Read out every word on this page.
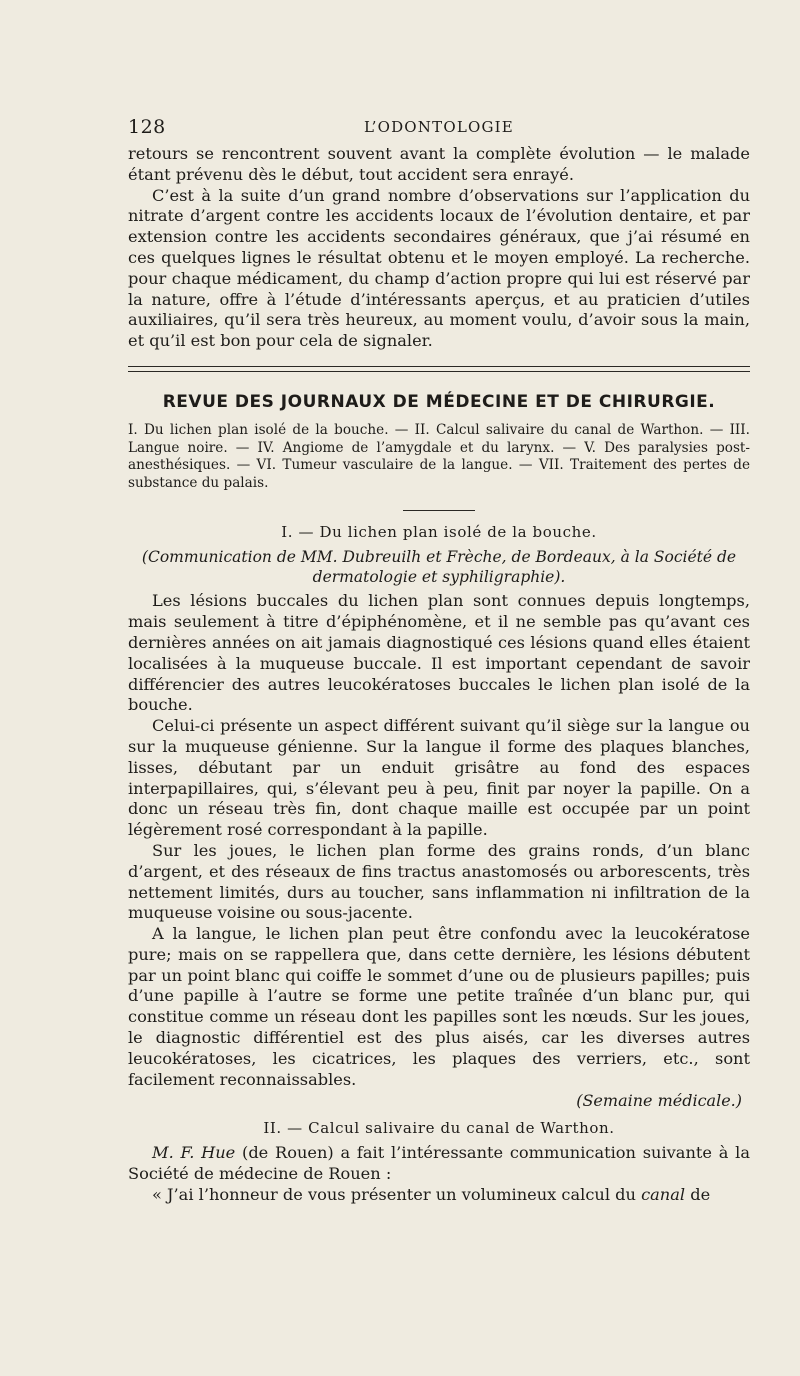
128	L’ODONTOLOGIE

retours se rencontrent souvent avant la complète évolution — le malade étant prévenu dès le début, tout accident sera enrayé.

C’est à la suite d’un grand nombre d’observations sur l’application du nitrate d’argent contre les accidents locaux de l’évolution dentaire, et par extension contre les accidents secondaires généraux, que j’ai résumé en ces quelques lignes le résultat obtenu et le moyen employé. La recherche. pour chaque médicament, du champ d’action propre qui lui est réservé par la nature, offre à l’étude d’intéressants aperçus, et au praticien d’utiles auxiliaires, qu’il sera très heureux, au moment voulu, d’avoir sous la main, et qu’il est bon pour cela de signaler.

REVUE DES JOURNAUX DE MÉDECINE ET DE CHIRURGIE.

I. Du lichen plan isolé de la bouche. — II. Calcul salivaire du canal de Warthon. — III. Langue noire. — IV. Angiome de l’amygdale et du larynx. — V. Des paralysies post-anesthésiques. — VI. Tumeur vasculaire de la langue. — VII. Traitement des pertes de substance du palais.

I. — Du lichen plan isolé de la bouche.
(Communication de MM. Dubreuilh et Frèche, de Bordeaux, à la Société de dermatologie et syphiligraphie).

Les lésions buccales du lichen plan sont connues depuis longtemps, mais seulement à titre d’épiphénomène, et il ne semble pas qu’avant ces dernières années on ait jamais diagnostiqué ces lésions quand elles étaient localisées à la muqueuse buccale. Il est important cependant de savoir différencier des autres leucokératoses buccales le lichen plan isolé de la bouche.

Celui-ci présente un aspect différent suivant qu’il siège sur la langue ou sur la muqueuse génienne. Sur la langue il forme des plaques blanches, lisses, débutant par un enduit grisâtre au fond des espaces interpapillaires, qui, s’élevant peu à peu, finit par noyer la papille. On a donc un réseau très fin, dont chaque maille est occupée par un point légèrement rosé correspondant à la papille.

Sur les joues, le lichen plan forme des grains ronds, d’un blanc d’argent, et des réseaux de fins tractus anastomosés ou arborescents, très nettement limités, durs au toucher, sans inflammation ni infiltration de la muqueuse voisine ou sous-jacente.

A la langue, le lichen plan peut être confondu avec la leucokératose pure; mais on se rappellera que, dans cette dernière, les lésions débutent par un point blanc qui coiffe le sommet d’une ou de plusieurs papilles; puis d’une papille à l’autre se forme une petite traînée d’un blanc pur, qui constitue comme un réseau dont les papilles sont les nœuds. Sur les joues, le diagnostic différentiel est des plus aisés, car les diverses autres leucokératoses, les cicatrices, les plaques des verriers, etc., sont facilement reconnaissables.

(Semaine médicale.)
II. — Calcul salivaire du canal de Warthon.

M. F. Hue (de Rouen) a fait l’intéressante communication suivante à la Société de médecine de Rouen :

« J’ai l’honneur de vous présenter un volumineux calcul du canal de
